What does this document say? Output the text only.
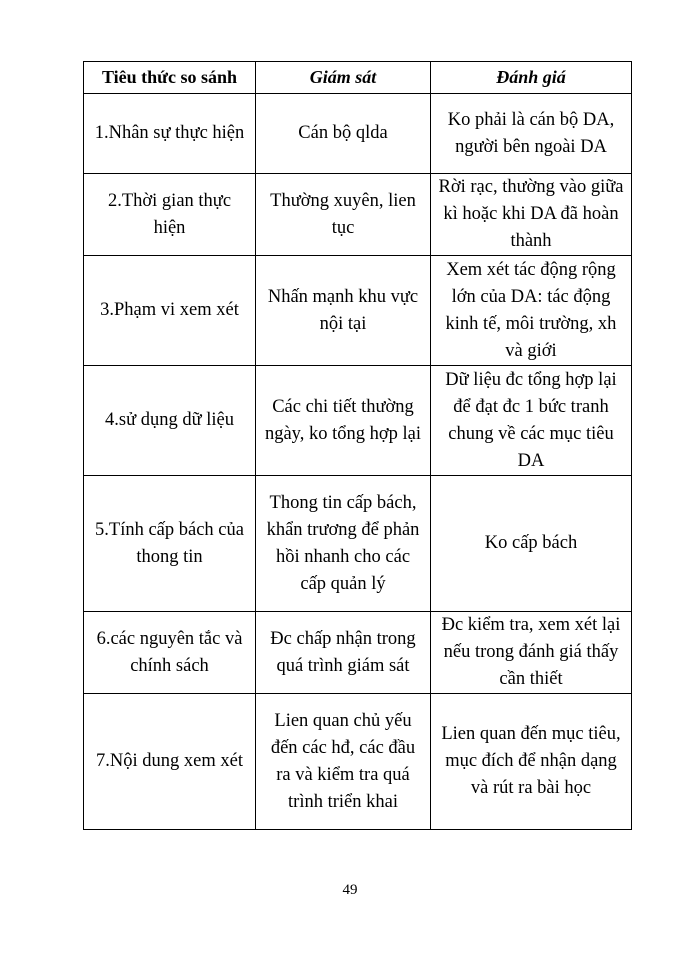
Tiêu thức so sánh	Giám sát	Đánh giá
1.Nhân sự thực hiện	Cán bộ qlda	Ko phải là cán bộ DA, người bên ngoài DA
2.Thời gian thực hiện	Thường xuyên, lien tục	Rời rạc, thường vào giữa kì hoặc khi DA đã hoàn thành
3.Phạm vi xem xét	Nhấn mạnh khu vực nội tại	Xem xét tác động rộng lớn của DA: tác động kinh tế, môi trường, xh và giới
4.sử dụng dữ liệu	Các chi tiết thường ngày, ko tổng hợp lại	Dữ liệu đc tổng hợp lại để đạt đc 1 bức tranh chung về các mục tiêu DA
5.Tính cấp bách của thong tin	Thong tin cấp bách, khẩn trương để phản hồi nhanh cho các cấp quản lý	Ko cấp bách
6.các nguyên tắc và chính sách	Đc chấp nhận trong quá trình giám sát	Đc kiểm tra, xem xét lại nếu trong đánh giá thấy cần thiết
7.Nội dung xem xét	Lien quan chủ yếu đến các hđ, các đầu ra và kiểm tra quá trình triển khai	Lien quan đến mục tiêu, mục đích để nhận dạng và rút ra bài học
49
